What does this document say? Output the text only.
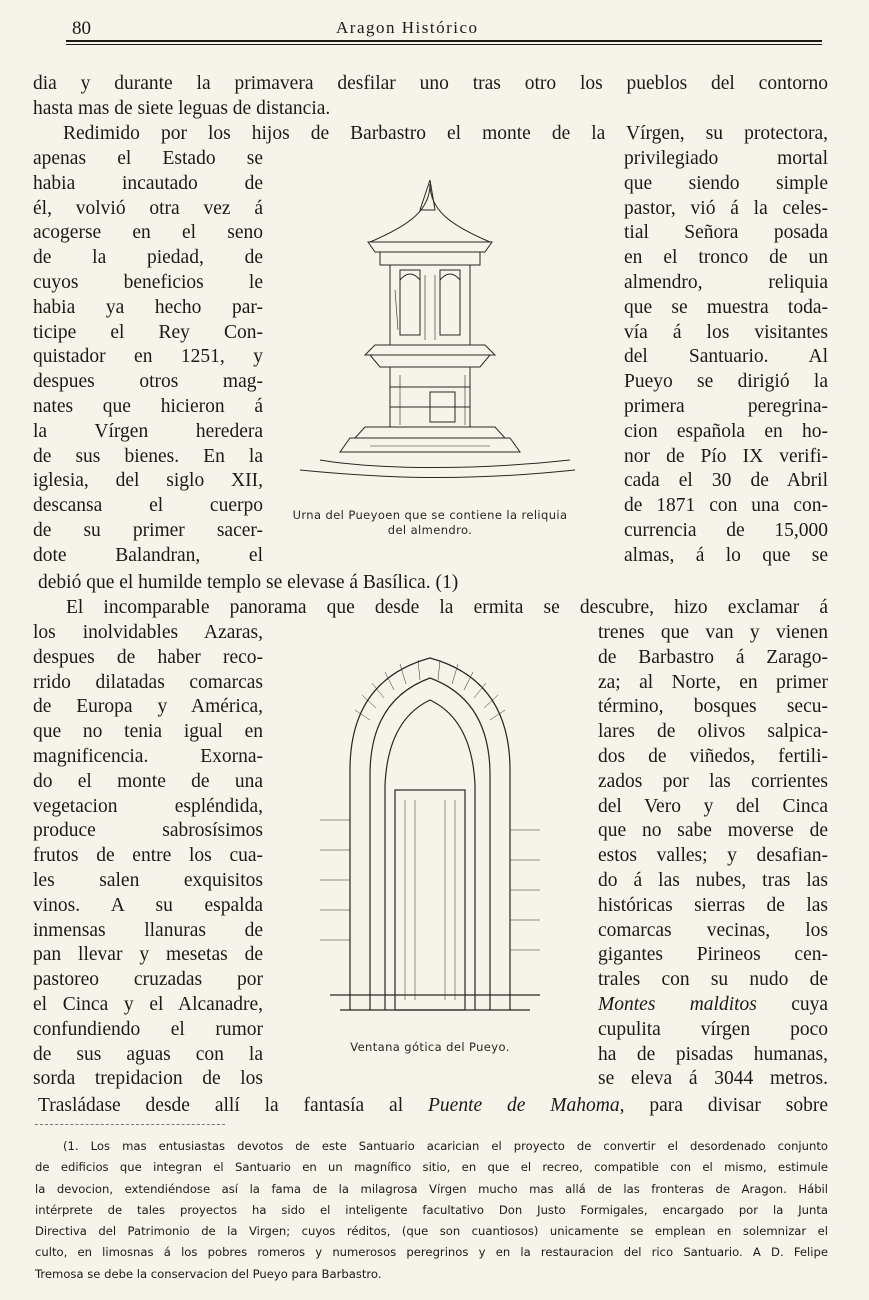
80	Aragon Histórico
dia y durante la primavera desfilar uno tras otro los pueblos del contorno
hasta mas de siete leguas de distancia.
Redimido por los hijos de Barbastro el monte de la Vírgen, su protectora,
apenas el Estado se
habia incautado de
él, volvió otra vez á
acogerse en el seno
de la piedad, de
cuyos beneficios le
habia ya hecho par-
ticipe el Rey Con-
quistador en 1251, y
despues otros mag-
nates que hicieron á
la Vírgen heredera
de sus bienes. En la
iglesia, del siglo XII,
descansa el cuerpo
de su primer sacer-
dote Balandran, el
privilegiado mortal
que siendo simple
pastor, vió á la celes-
tial Señora posada
en el tronco de un
almendro, reliquia
que se muestra toda-
vía á los visitantes
del Santuario. Al
Pueyo se dirigió la
primera peregrina-
cion española en ho-
nor de Pío IX verifi-
cada el 30 de Abril
de 1871 con una con-
currencia de 15,000
almas, á lo que se
debió que el humilde templo se elevase á Basílica. (1)
El incomparable panorama que desde la ermita se descubre, hizo exclamar á
los inolvidables Azaras,
despues de haber reco-
rrido dilatadas comarcas
de Europa y América,
que no tenia igual en
magnificencia. Exorna-
do el monte de una
vegetacion espléndida,
produce sabrosísimos
frutos de entre los cua-
les salen exquisitos
vinos. A su espalda
inmensas llanuras de
pan llevar y mesetas de
pastoreo cruzadas por
el Cinca y el Alcanadre,
confundiendo el rumor
de sus aguas con la
sorda trepidacion de los
trenes que van y vienen
de Barbastro á Zarago-
za; al Norte, en primer
término, bosques secu-
lares de olivos salpica-
dos de viñedos, fertili-
zados por las corrientes
del Vero y del Cinca
que no sabe moverse de
estos valles; y desafian-
do á las nubes, tras las
históricas sierras de las
comarcas vecinas, los
gigantes Pirineos cen-
trales con su nudo de
Montes malditos cuya
cupulita vírgen poco
ha de pisadas humanas,
se eleva á 3044 metros.
Trasládase desde allí la fantasía al Puente de Mahoma, para divisar sobre
Urna del Pueyoen que se contiene la reliquia
del almendro.
Ventana gótica del Pueyo.
(1. Los mas entusiastas devotos de este Santuario acarician el proyecto de convertir el desordenado conjunto
de edificios que integran el Santuario en un magnífico sitio, en que el recreo, compatible con el mismo, estimule
la devocion, extendiéndose así la fama de la milagrosa Vírgen mucho mas allá de las fronteras de Aragon. Hábil
intérprete de tales proyectos ha sido el inteligente facultativo Don Justo Formigales, encargado por la Junta
Directiva del Patrimonio de la Virgen; cuyos réditos, (que son cuantiosos) unicamente se emplean en solemnizar el
culto, en limosnas á los pobres romeros y numerosos peregrinos y en la restauracion del rico Santuario. A D. Felipe
Tremosa se debe la conservacion del Pueyo para Barbastro.
